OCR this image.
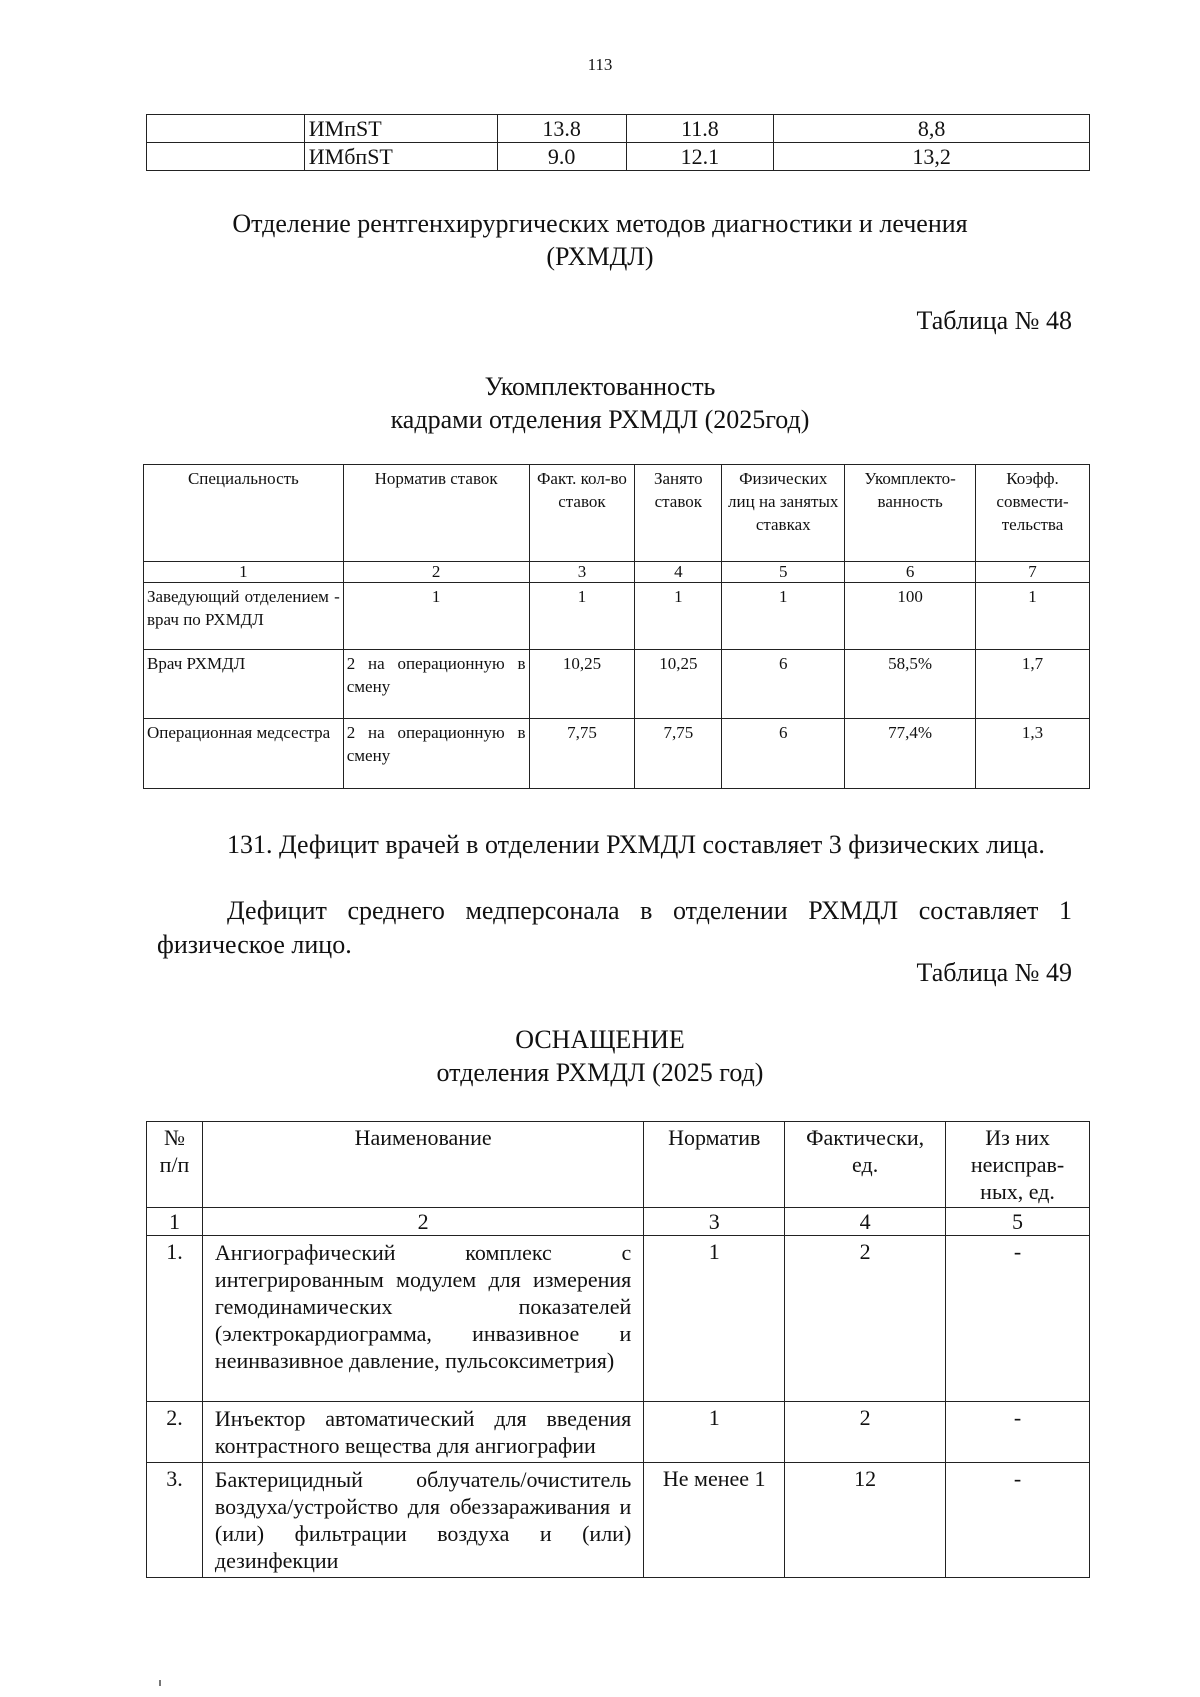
113
	ИМпST	13.8	11.8	8,8
	ИМбпST	9.0	12.1	13,2
Отделение рентгенхирургических методов диагностики и лечения
(РХМДЛ)
Таблица № 48
Укомплектованность
кадрами отделения РХМДЛ (2025год)
Специальность	Норматив ставок	Факт. кол-во ставок	Занято ставок	Физических лиц на занятых ставках	Укомплекто-ванность	Коэфф. совмести-тельства
1	2	3	4	5	6	7
Заведующий отделением - врач по РХМДЛ	1	1	1	1	100	1
Врач РХМДЛ	2 на операционную в смену	10,25	10,25	6	58,5%	1,7
Операционная медсестра	2 на операционную в смену	7,75	7,75	6	77,4%	1,3
131. Дефицит врачей в отделении РХМДЛ составляет 3 физических лица.
Дефицит среднего медперсонала в отделении РХМДЛ составляет 1 физическое лицо.
Таблица № 49
ОСНАЩЕНИЕ
отделения РХМДЛ (2025 год)
№ п/п	Наименование	Норматив	Фактически, ед.	Из них неисправ-ных, ед.
1	2	3	4	5
1.	Ангиографический комплекс с интегрированным модулем для измерения гемодинамических показателей (электрокардиограмма, инвазивное и неинвазивное давление, пульсоксиметрия)	1	2	-
2.	Инъектор автоматический для введения контрастного вещества для ангиографии	1	2	-
3.	Бактерицидный облучатель/очиститель воздуха/устройство для обеззараживания и (или) фильтрации воздуха и (или) дезинфекции	Не менее 1	12	-
